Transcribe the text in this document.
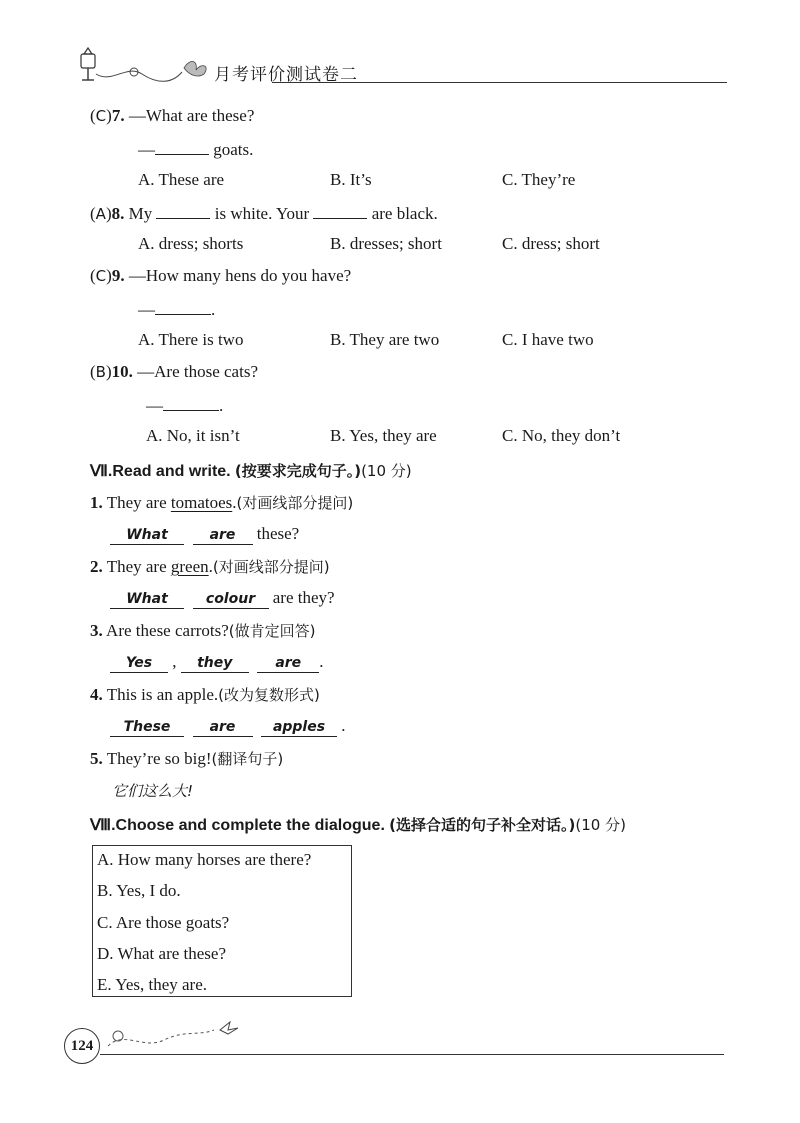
月考评价测试卷二
(C)7. —What are these?
—	goats.
A. These are	B. It’s	C. They’re
(A)8. My	is white. Your	are black.
A. dress; shorts	B. dresses; short	C. dress; short
(C)9. —How many hens do you have?
—	.
A. There is two	B. They are two	C. I have two
(B)10. —Are those cats?
—	.
A. No, it isn’t	B. Yes, they are	C. No, they don’t
Ⅶ.Read and write. (按要求完成句子。)(10 分)
1. They are tomatoes.(对画线部分提问)
What	are these?
2. They are green.(对画线部分提问)
What	colour are they?
3. Are these carrots?(做肯定回答)
Yes , they	are .
4. This is an apple.(改为复数形式)
These	are	apples .
5. They’re so big!(翻译句子)
它们这么大!
Ⅷ.Choose and complete the dialogue. (选择合适的句子补全对话。)(10 分)
A. How many horses are there?
B. Yes, I do.
C. Are those goats?
D. What are these?
E. Yes, they are.
124
